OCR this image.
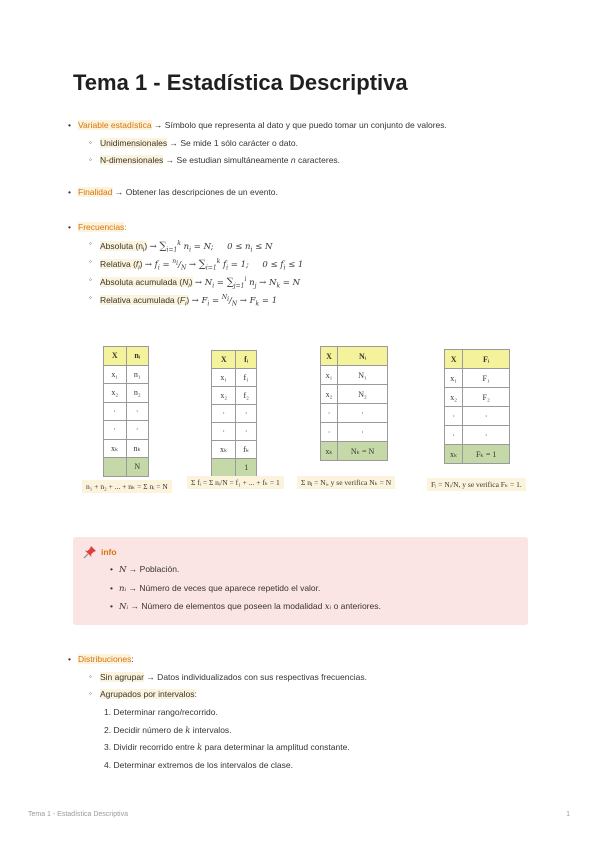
Tema 1 - Estadística Descriptiva
• Variable estadística → Símbolo que representa al dato y que puedo tomar un conjunto de valores.
◦ Unidimensionales → Se mide 1 sólo carácter o dato.
◦ N-dimensionales → Se estudian simultáneamente n caracteres.
• Finalidad → Obtener las descripciones de un evento.
• Frecuencias:
◦ Absoluta $(n_i) \to \sum_{i=1}^k$ $n_i = N$;     $0 \le n_i \le N$
◦ Relativa $(f_i) \to f_i = ^{n_i}/_N \to \sum_{i=1}^k$ $f_i = 1$;     $0 \le f_i \le 1$
◦ Absoluta acumulada $(N_i) \to N_i = \sum_{j=1}^i$ $n_j \to N_k = N$
◦ Relativa acumulada $(F_i) \to F_i = ^{N_i}/_N \to F_k = 1$
X	nᵢ
x₁	n₁
x₂	n₂
·	·
·	·
xₖ	nₖ
	N
X	fᵢ
x₁	f₁
x₂	f₂
·	·
·	·
xₖ	fₖ
	1
X	Nᵢ
x₁	N₁
x₂	N₂
·	·
·	·
xₖ	Nₖ = N
X	Fᵢ
x₁	F₁
x₂	F₂
·	·
·	·
xₖ	Fₖ = 1
n₁ + n₂ + ... + nₖ = Σ nᵢ = N	Σ fᵢ = Σ nᵢ/N = f₁ + ... + fₖ = 1	Σ nⱼ = Nᵢ, y se verifica Nₖ = N	Fᵢ = Nᵢ/N, y se verifica Fₖ = 1.
info
• N → Población.
• nᵢ → Número de veces que aparece repetido el valor.
• Nᵢ → Número de elementos que poseen la modalidad xᵢ o anteriores.
• Distribuciones:
◦ Sin agrupar → Datos individualizados con sus respectivas frecuencias.
◦ Agrupados por intervalos:
1. Determinar rango/recorrido.
2. Decidir número de k intervalos.
3. Dividir recorrido entre k para determinar la amplitud constante.
4. Determinar extremos de los intervalos de clase.
Tema 1 - Estadística Descriptiva	1
